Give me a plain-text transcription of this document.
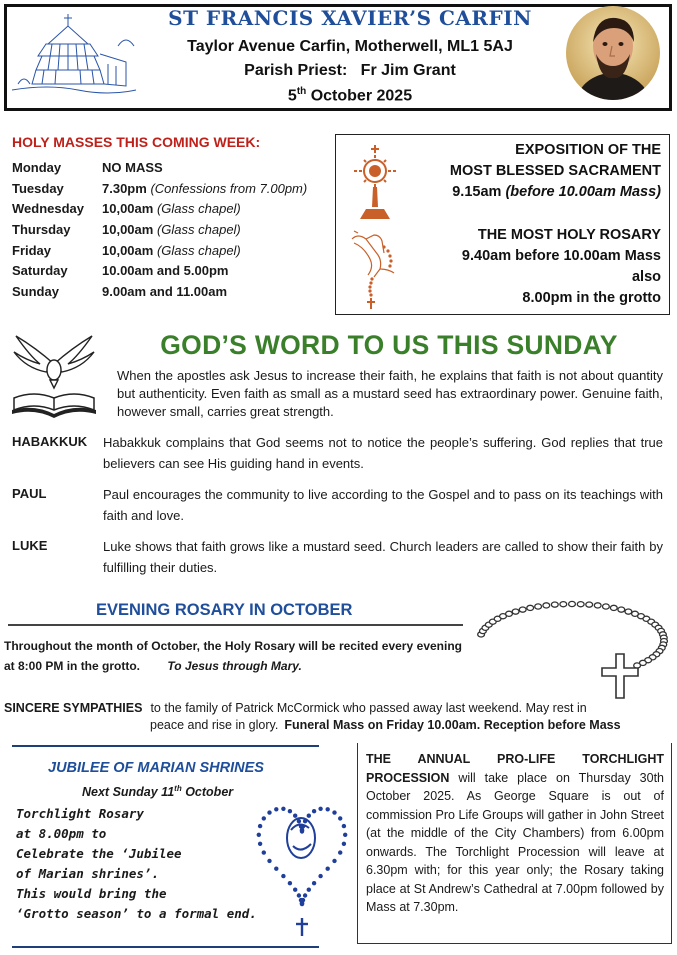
ST FRANCIS XAVIER’S CARFIN
Taylor Avenue Carfin, Motherwell, ML1 5AJ
Parish Priest: Fr Jim Grant
5th October 2025
HOLY MASSES THIS COMING WEEK:
Monday	NO MASS
Tuesday	7.30pm (Confessions from 7.00pm)
Wednesday 10,00am (Glass chapel)
Thursday 10,00am (Glass chapel)
Friday	10,00am (Glass chapel)
Saturday	10.00am and 5.00pm
Sunday	9.00am and 11.00am
EXPOSITION OF THE
MOST BLESSED SACRAMENT
9.15am (before 10.00am Mass)
THE MOST HOLY ROSARY
9.40am before 10.00am Mass
also
8.00pm in the grotto
GOD’S WORD TO US THIS SUNDAY
When the apostles ask Jesus to increase their faith, he explains that faith is not about quantity but authenticity. Even faith as small as a mustard seed has extraordinary power. Genuine faith, however small, carries great strength.
HABAKKUK Habakkuk complains that God seems not to notice the people’s suffering. God replies that true believers can see His guiding hand in events.
PAUL	Paul encourages the community to live according to the Gospel and to pass on its teachings with faith and love.
LUKE	Luke shows that faith grows like a mustard seed. Church leaders are called to show their faith by fulfilling their duties.
EVENING ROSARY IN OCTOBER
Throughout the month of October, the Holy Rosary will be recited every evening at 8:00 PM in the grotto. To Jesus through Mary.
SINCERE SYMPATHIES to the family of Patrick McCormick who passed away last weekend. May rest in
peace and rise in glory. Funeral Mass on Friday 10.00am. Reception before Mass
JUBILEE OF MARIAN SHRINES
Next Sunday 11th October
Torchlight Rosary
at 8.00pm to
Celebrate the ‘Jubilee
of Marian shrines’.
This would bring the
‘Grotto season’ to a formal end.
THE ANNUAL PRO-LIFE TORCHLIGHT PROCESSION will take place on Thursday 30th October 2025. As George Square is out of commission Pro Life Groups will gather in John Street (at the middle of the City Chambers) from 6.00pm onwards. The Torchlight Procession will leave at 6.30pm with; for this year only; the Rosary taking place at St Andrew’s Cathedral at 7.00pm followed by Mass at 7.30pm.
